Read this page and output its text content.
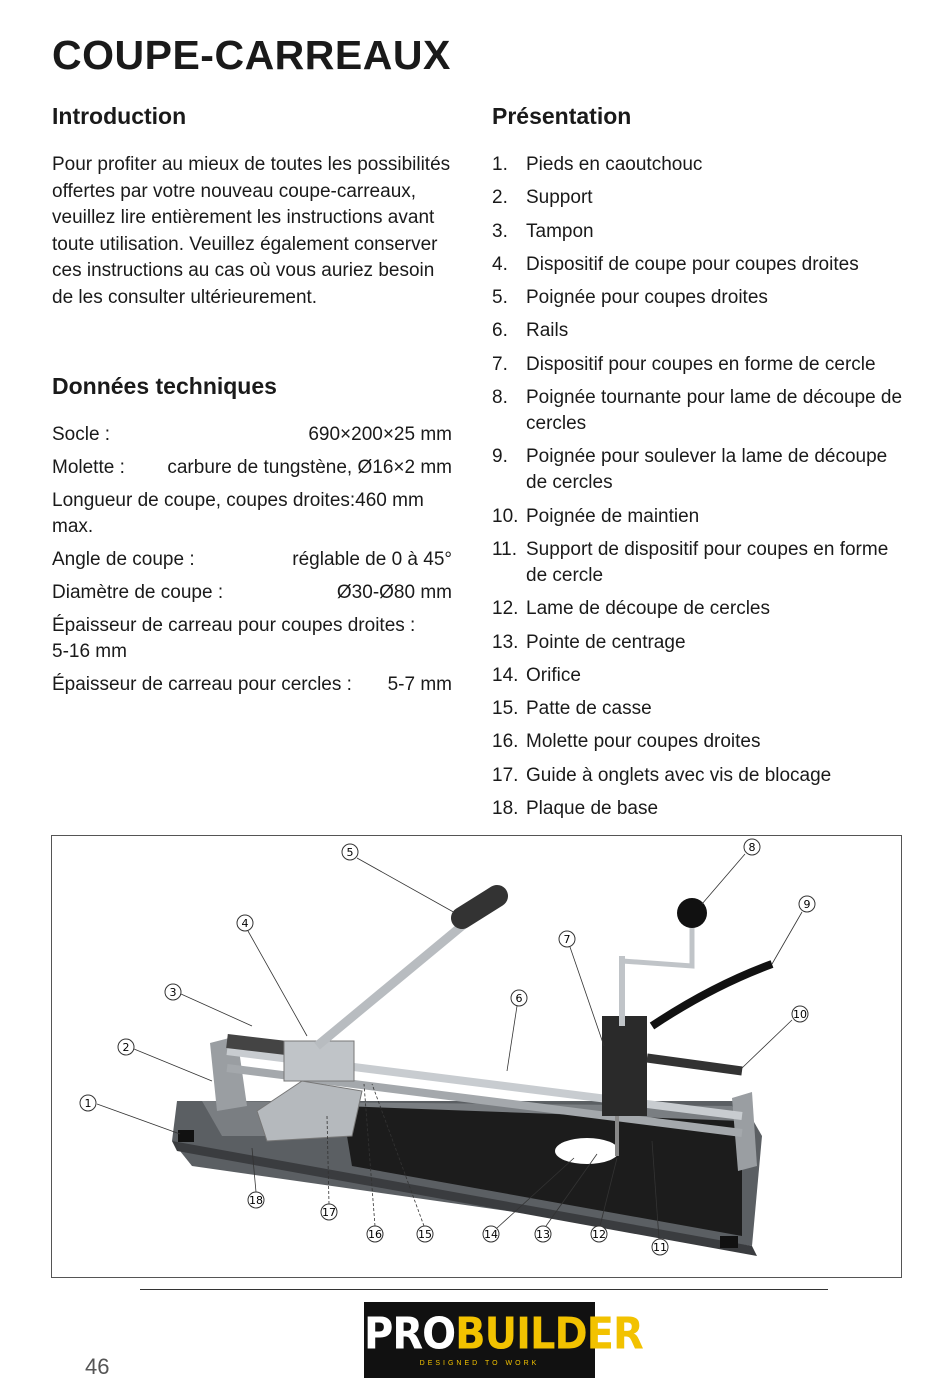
COUPE-CARREAUX
Introduction

Pour profiter au mieux de toutes les possibilités offertes par votre nouveau coupe-carreaux, veuillez lire entièrement les instructions avant toute utilisation. Veuillez également conserver ces instructions au cas où vous auriez besoin de les consulter ultérieurement.

Données techniques
Socle :	690×200×25 mm
Molette : carbure de tungstène, Ø16×2 mm
Longueur de coupe, coupes droites:460 mm max.
Angle de coupe :	réglable de 0 à 45°
Diamètre de coupe :	Ø30-Ø80 mm
Épaisseur de carreau pour coupes droites :
5-16 mm
Épaisseur de carreau pour cercles : 5-7 mm
Présentation
1. Pieds en caoutchouc
2. Support
3. Tampon
4. Dispositif de coupe pour coupes droites
5. Poignée pour coupes droites
6. Rails
7. Dispositif pour coupes en forme de cercle
8. Poignée tournante pour lame de découpe de cercles
9. Poignée pour soulever la lame de découpe de cercles
10. Poignée de maintien
11. Support de dispositif pour coupes en forme de cercle
12. Lame de découpe de cercles
13. Pointe de centrage
14. Orifice
15. Patte de casse
16. Molette pour coupes droites
17. Guide à onglets avec vis de blocage
18. Plaque de base
1
2
3
4
5
6
7
8
9
10
11
12
13
14
15
16
17
18
PROBUILDER
DESIGNED TO WORK
46
